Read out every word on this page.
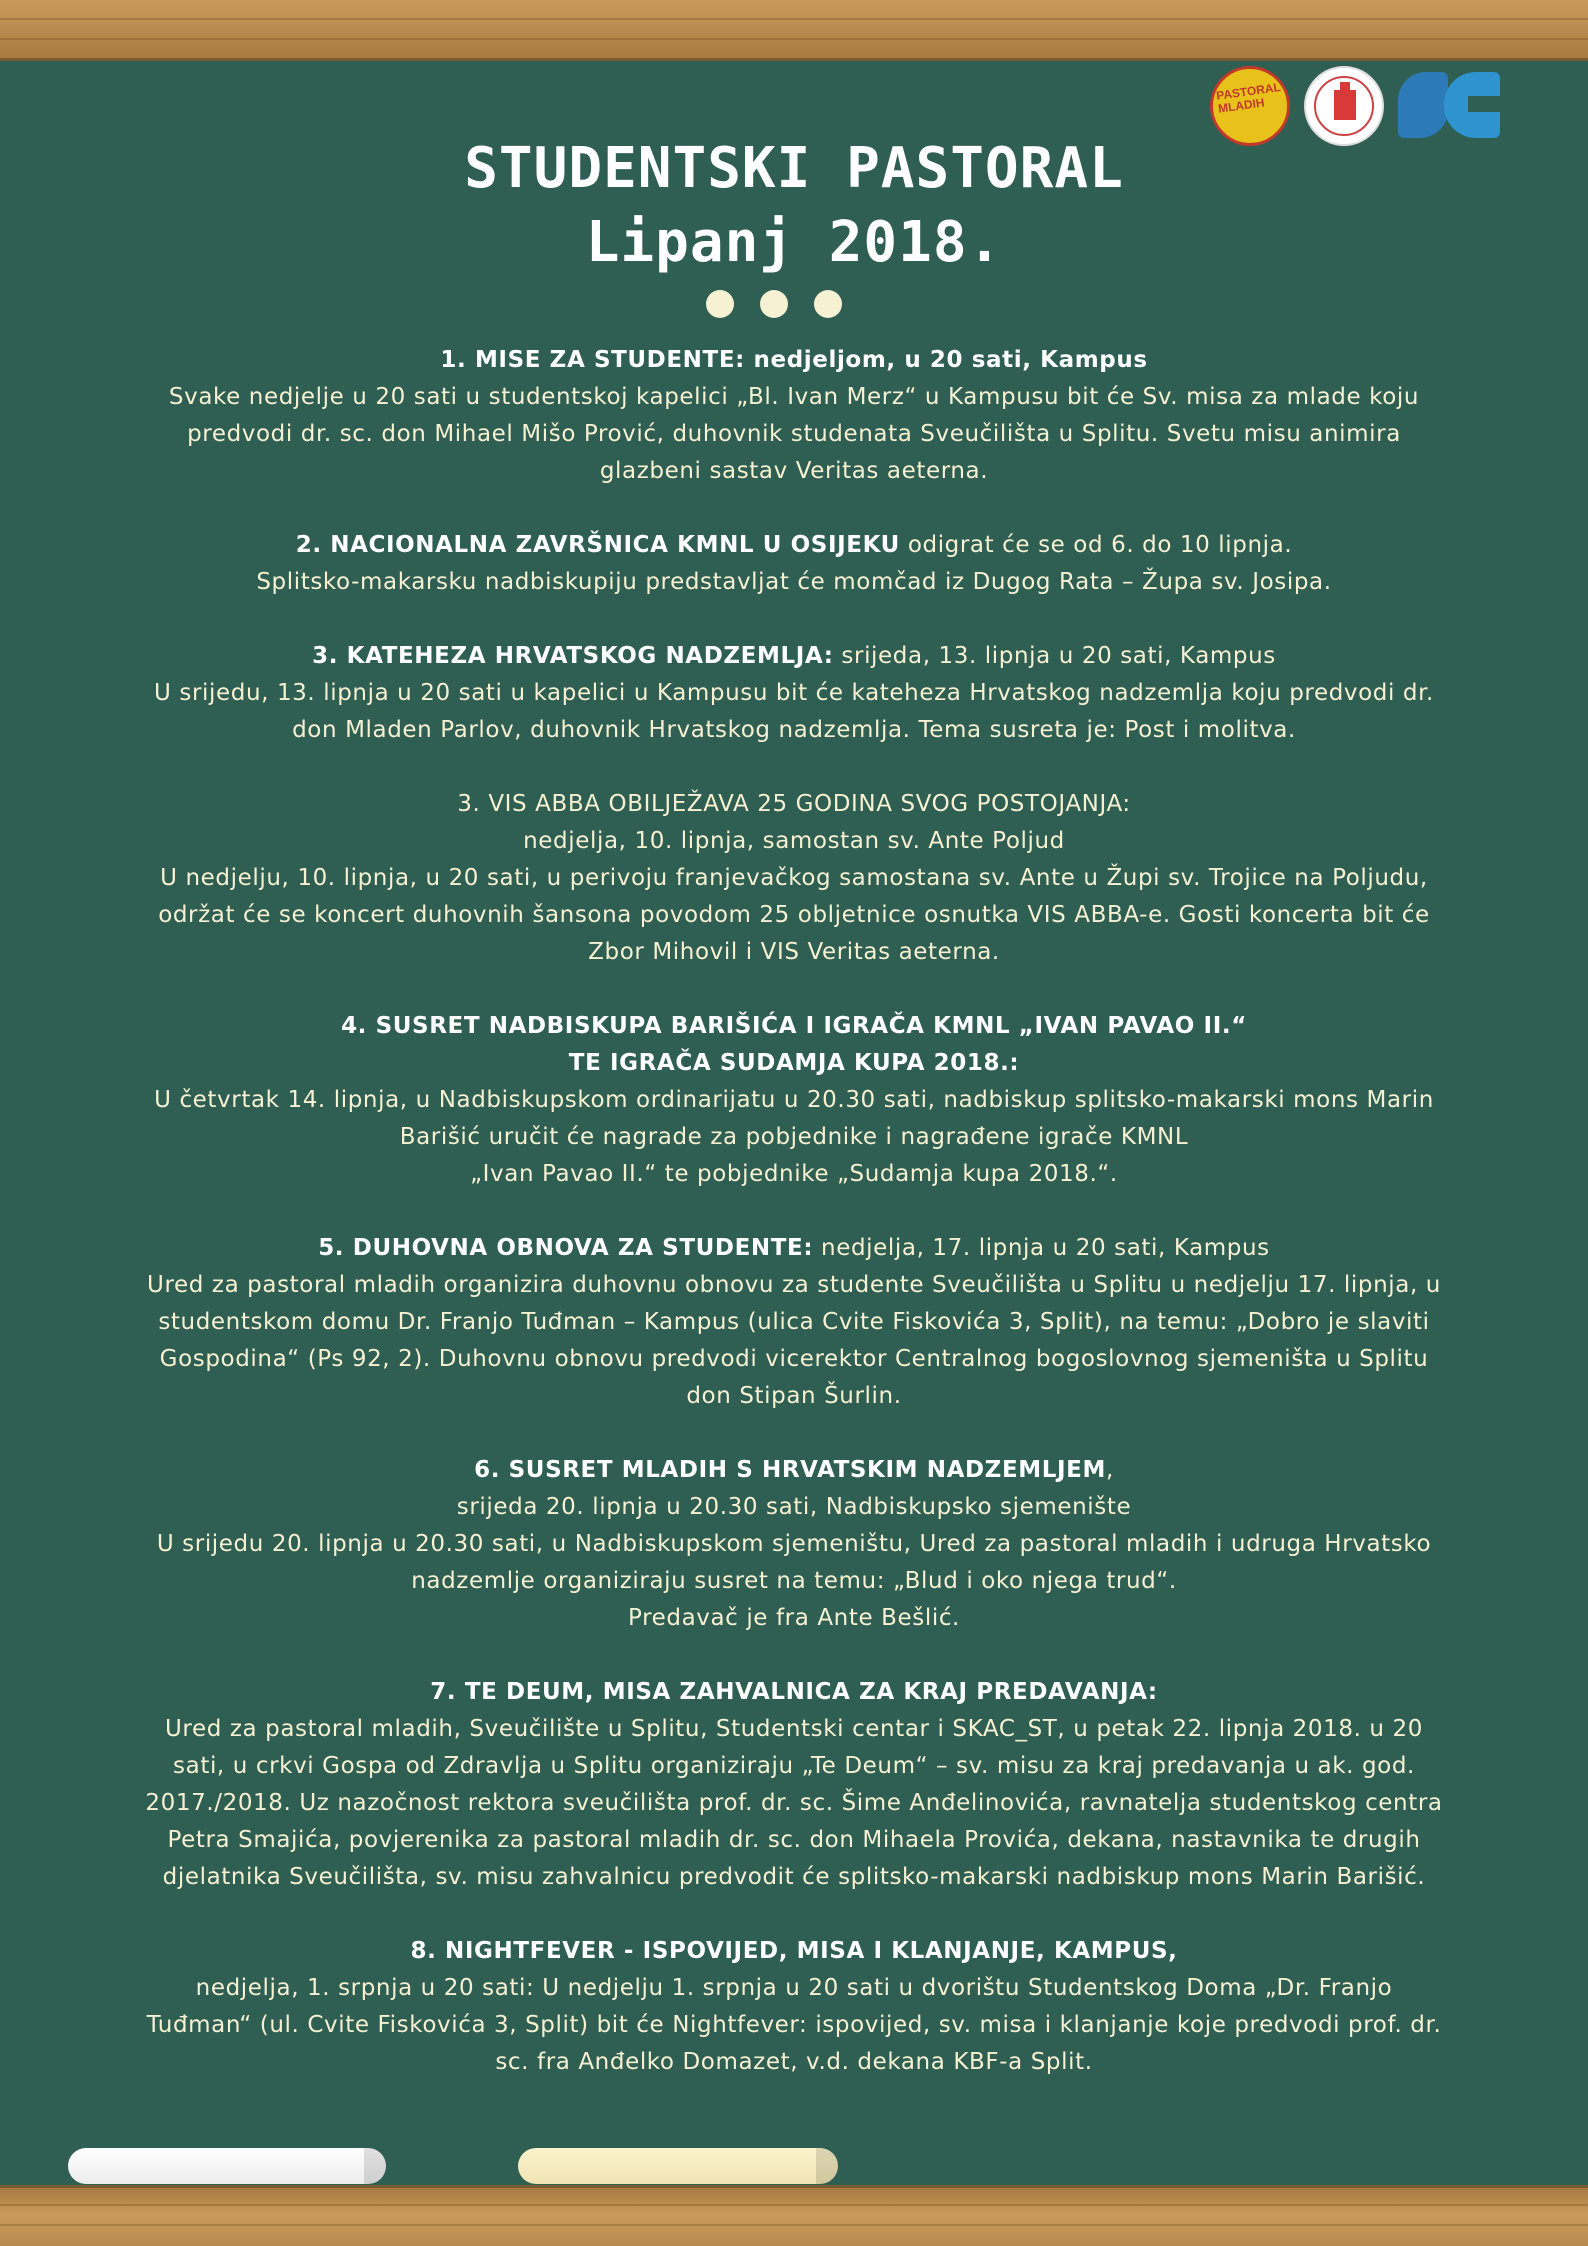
PASTORAL MLADIH
STUDENTSKI PASTORAL
Lipanj 2018.

1. MISE ZA STUDENTE: nedjeljom, u 20 sati, Kampus

Svake nedjelje u 20 sati u studentskoj kapelici „Bl. Ivan Merz“ u Kampusu bit će Sv. misa za mlade koju

predvodi dr. sc. don Mihael Mišo Prović, duhovnik studenata Sveučilišta u Splitu. Svetu misu animira

glazbeni sastav Veritas aeterna.

2. NACIONALNA ZAVRŠNICA KMNL U OSIJEKU odigrat će se od 6. do 10 lipnja.

Splitsko-makarsku nadbiskupiju predstavljat će momčad iz Dugog Rata – Župa sv. Josipa.

3. KATEHEZA HRVATSKOG NADZEMLJA: srijeda, 13. lipnja u 20 sati, Kampus

U srijedu, 13. lipnja u 20 sati u kapelici u Kampusu bit će kateheza Hrvatskog nadzemlja koju predvodi dr.

don Mladen Parlov, duhovnik Hrvatskog nadzemlja. Tema susreta je: Post i molitva.

3. VIS ABBA OBILJEŽAVA 25 GODINA SVOG POSTOJANJA:

nedjelja, 10. lipnja, samostan sv. Ante Poljud

U nedjelju, 10. lipnja, u 20 sati, u perivoju franjevačkog samostana sv. Ante u Župi sv. Trojice na Poljudu,

održat će se koncert duhovnih šansona povodom 25 obljetnice osnutka VIS ABBA-e. Gosti koncerta bit će

Zbor Mihovil i VIS Veritas aeterna.

4. SUSRET NADBISKUPA BARIŠIĆA I IGRAČA KMNL „IVAN PAVAO II.“

TE IGRAČA SUDAMJA KUPA 2018.:

U četvrtak 14. lipnja, u Nadbiskupskom ordinarijatu u 20.30 sati, nadbiskup splitsko-makarski mons Marin

Barišić uručit će nagrade za pobjednike i nagrađene igrače KMNL

„Ivan Pavao II.“ te pobjednike „Sudamja kupa 2018.“.

5. DUHOVNA OBNOVA ZA STUDENTE: nedjelja, 17. lipnja u 20 sati, Kampus

Ured za pastoral mladih organizira duhovnu obnovu za studente Sveučilišta u Splitu u nedjelju 17. lipnja, u

studentskom domu Dr. Franjo Tuđman – Kampus (ulica Cvite Fiskovića 3, Split), na temu: „Dobro je slaviti

Gospodina“ (Ps 92, 2). Duhovnu obnovu predvodi vicerektor Centralnog bogoslovnog sjemeništa u Splitu

don Stipan Šurlin.

6. SUSRET MLADIH S HRVATSKIM NADZEMLJEM,

srijeda 20. lipnja u 20.30 sati, Nadbiskupsko sjemenište

U srijedu 20. lipnja u 20.30 sati, u Nadbiskupskom sjemeništu, Ured za pastoral mladih i udruga Hrvatsko

nadzemlje organiziraju susret na temu: „Blud i oko njega trud“.

Predavač je fra Ante Bešlić.

7. TE DEUM, MISA ZAHVALNICA ZA KRAJ PREDAVANJA:

Ured za pastoral mladih, Sveučilište u Splitu, Studentski centar i SKAC_ST, u petak 22. lipnja 2018. u 20

sati, u crkvi Gospa od Zdravlja u Splitu organiziraju „Te Deum“ – sv. misu za kraj predavanja u ak. god.

2017./2018. Uz nazočnost rektora sveučilišta prof. dr. sc. Šime Anđelinovića, ravnatelja studentskog centra

Petra Smajića, povjerenika za pastoral mladih dr. sc. don Mihaela Provića, dekana, nastavnika te drugih

djelatnika Sveučilišta, sv. misu zahvalnicu predvodit će splitsko-makarski nadbiskup mons Marin Barišić.

8. NIGHTFEVER - ISPOVIJED, MISA I KLANJANJE, KAMPUS,

nedjelja, 1. srpnja u 20 sati: U nedjelju 1. srpnja u 20 sati u dvorištu Studentskog Doma „Dr. Franjo

Tuđman“ (ul. Cvite Fiskovića 3, Split) bit će Nightfever: ispovijed, sv. misa i klanjanje koje predvodi prof. dr.

sc. fra Anđelko Domazet, v.d. dekana KBF-a Split.
